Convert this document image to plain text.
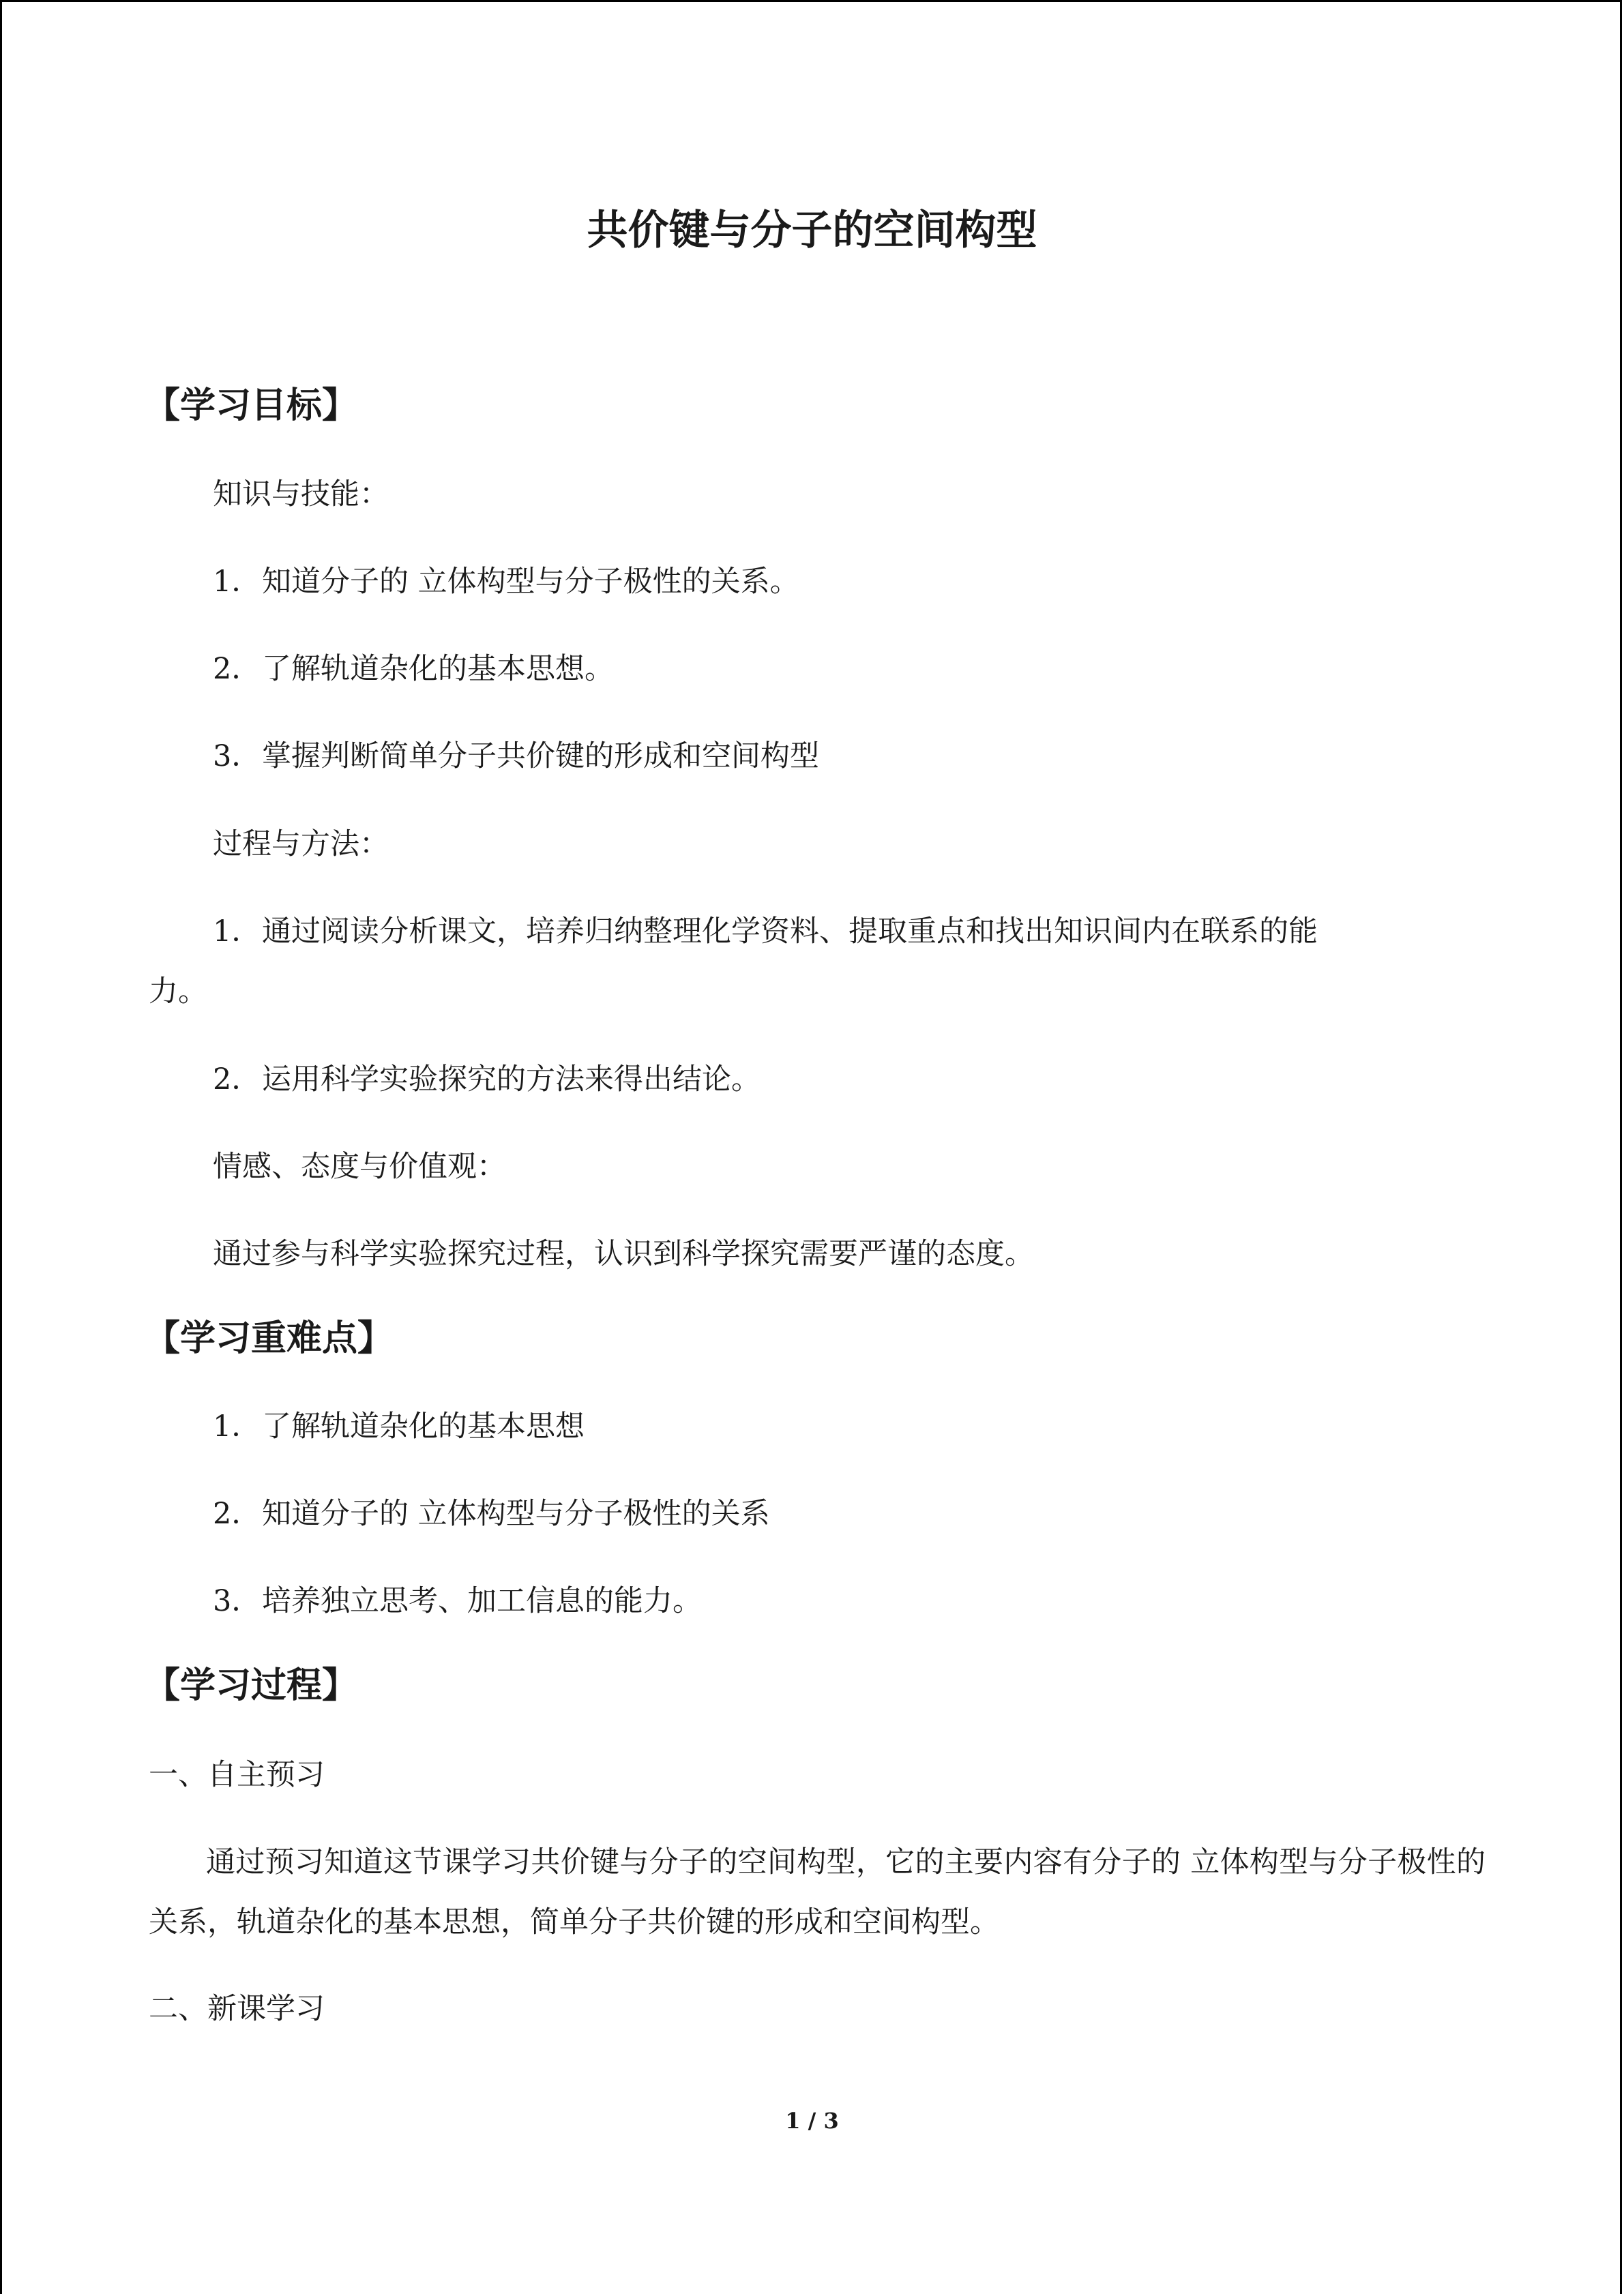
共价键与分子的空间构型
【学习目标】
知识与技能：
1．知道分子的 立体构型与分子极性的关系。
2．了解轨道杂化的基本思想。
3．掌握判断简单分子共价键的形成和空间构型
过程与方法：
1．通过阅读分析课文，培养归纳整理化学资料、提取重点和找出知识间内在联系的能
力。
2．运用科学实验探究的方法来得出结论。
情感、态度与价值观：
通过参与科学实验探究过程，认识到科学探究需要严谨的态度。
【学习重难点】
1．了解轨道杂化的基本思想
2．知道分子的 立体构型与分子极性的关系
3．培养独立思考、加工信息的能力。
【学习过程】
一、自主预习
通过预习知道这节课学习共价键与分子的空间构型，它的主要内容有分子的 立体构型与分子极性的关系，轨道杂化的基本思想，简单分子共价键的形成和空间构型。
二、新课学习
1 / 3
